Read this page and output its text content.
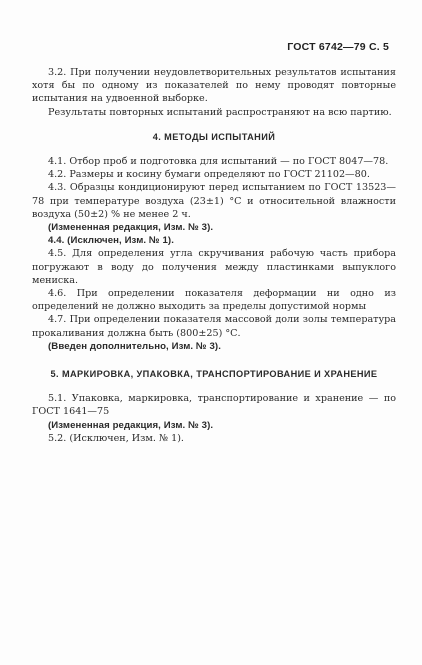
ГОСТ 6742—79 С. 5

3.2. При получении неудовлетворительных результатов испытания хотя бы по одному из показателей по нему проводят повторные испытания на удвоенной выборке.

Результаты повторных испытаний распространяют на всю партию.

4. МЕТОДЫ ИСПЫТАНИЙ

4.1. Отбор проб и подготовка для испытаний — по ГОСТ 8047—78.

4.2. Размеры и косину бумаги определяют по ГОСТ 21102—80.

4.3. Образцы кондиционируют перед испытанием по ГОСТ 13523—78 при температуре воздуха (23±1) °С и относительной влажности воздуха (50±2) % не менее 2 ч.

(Измененная редакция, Изм. № 3).

4.4. (Исключен, Изм. № 1).

4.5. Для определения угла скручивания рабочую часть прибора погружают в воду до получения между пластинками выпуклого мениска.

4.6. При определении показателя деформации ни одно из определений не должно выходить за пределы допустимой нормы

4.7. При определении показателя массовой доли золы температура прокаливания должна быть (800±25) °С.

(Введен дополнительно, Изм. № 3).

5. МАРКИРОВКА, УПАКОВКА, ТРАНСПОРТИРОВАНИЕ И ХРАНЕНИЕ

5.1. Упаковка, маркировка, транспортирование и хранение — по ГОСТ 1641—75

(Измененная редакция, Изм. № 3).

5.2. (Исключен, Изм. № 1).
